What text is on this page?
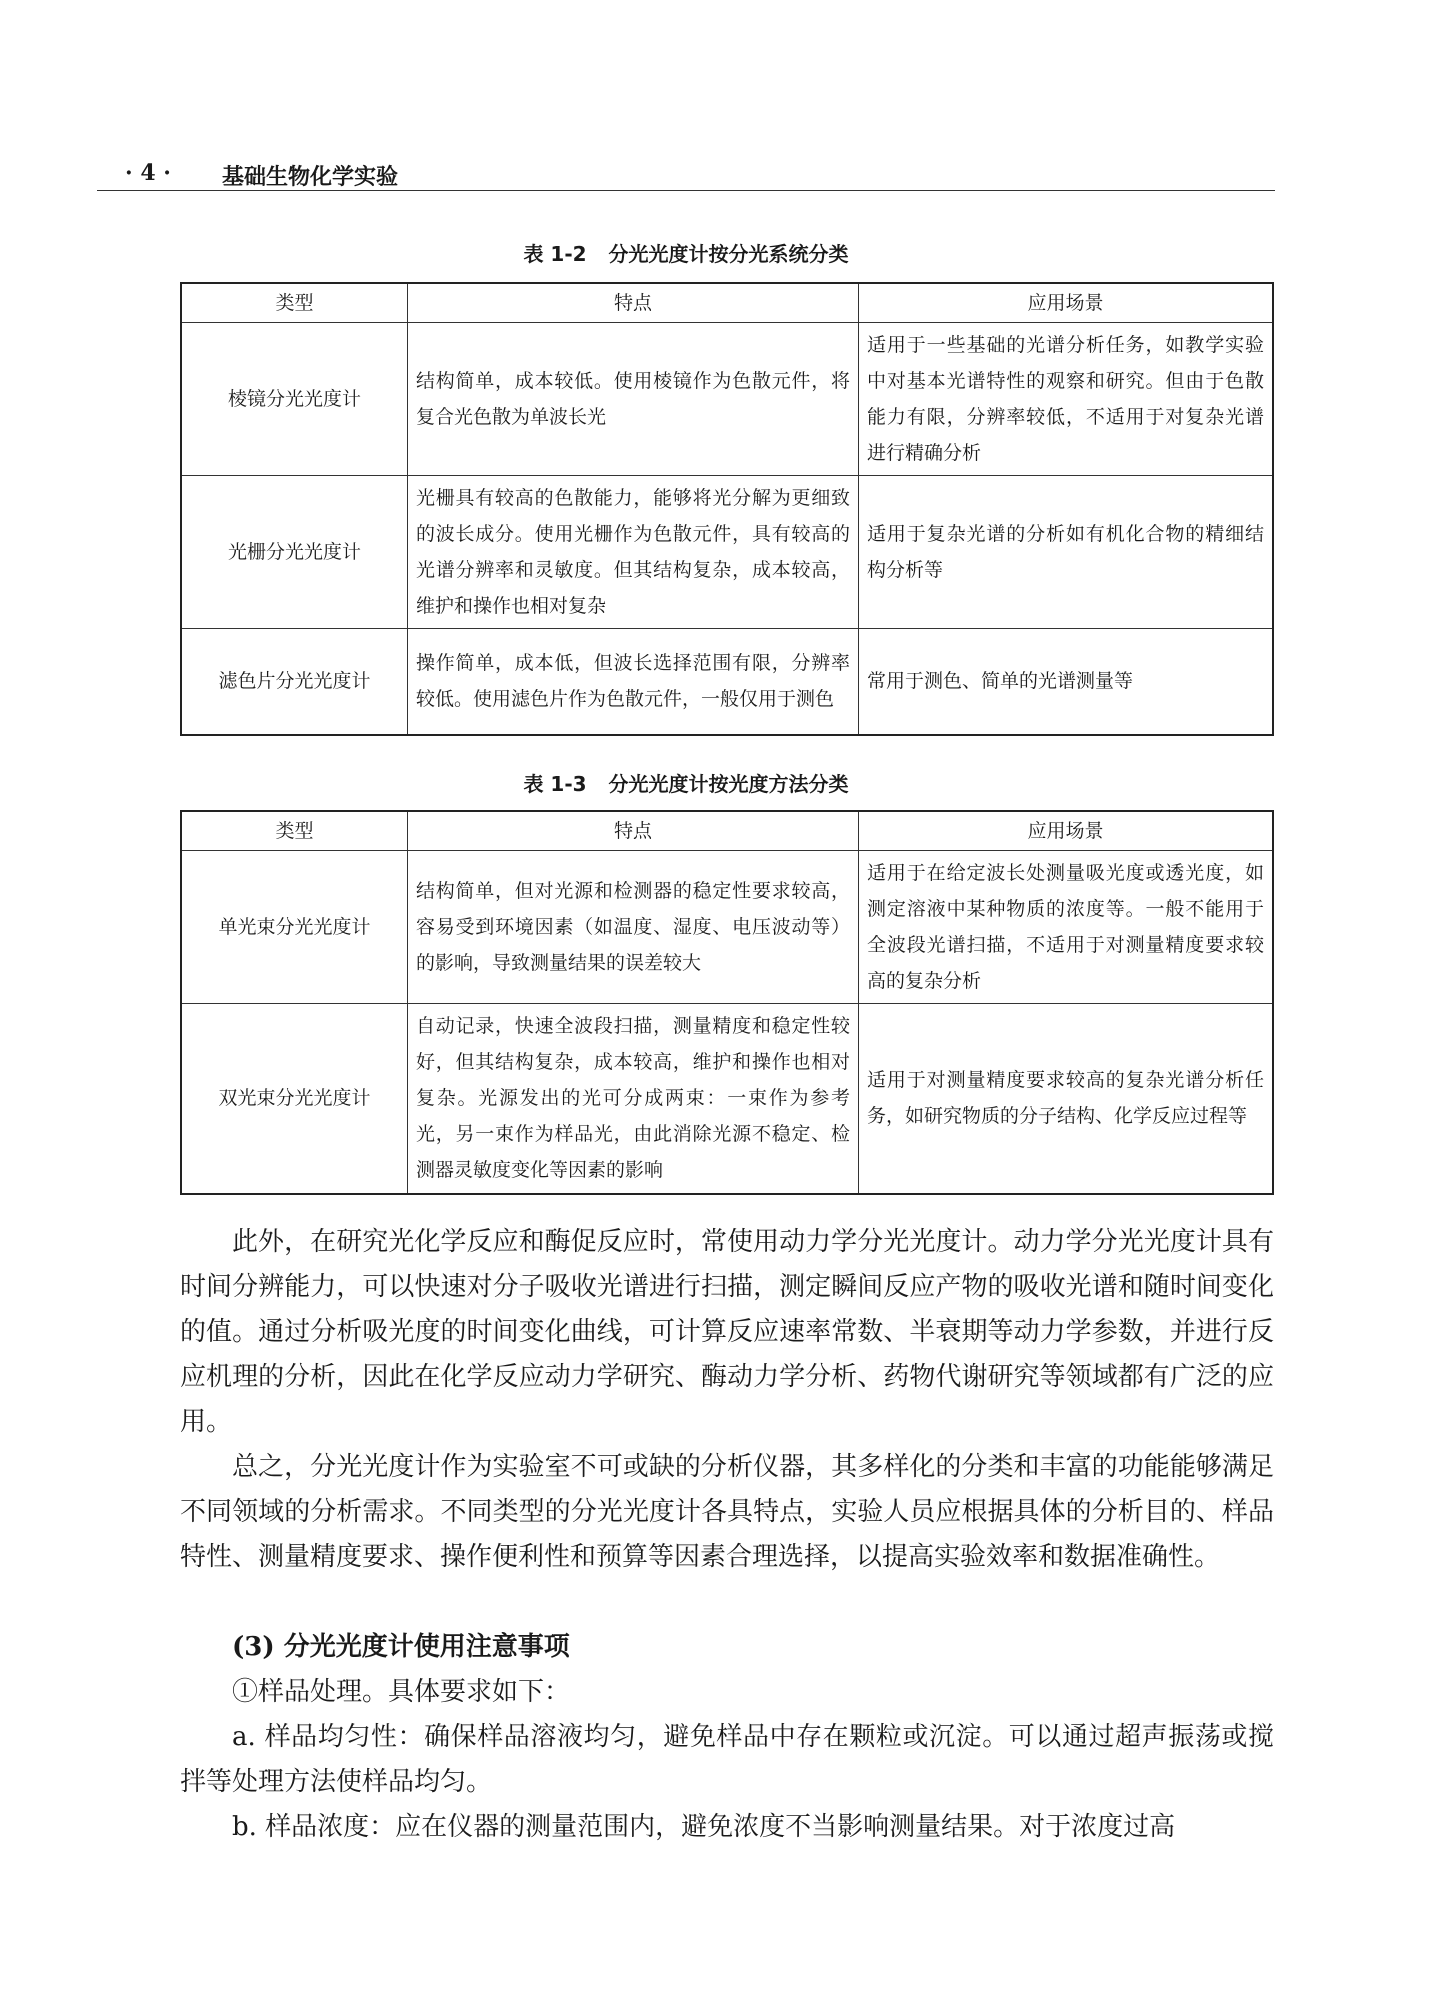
· 4 · 基础生物化学实验
表 1-2 分光光度计按分光系统分类
类型	特点	应用场景
棱镜分光光度计	结构简单，成本较低。使用棱镜作为色散元件，将复合光色散为单波长光	适用于一些基础的光谱分析任务，如教学实验中对基本光谱特性的观察和研究。但由于色散能力有限，分辨率较低，不适用于对复杂光谱进行精确分析
光栅分光光度计	光栅具有较高的色散能力，能够将光分解为更细致的波长成分。使用光栅作为色散元件，具有较高的光谱分辨率和灵敏度。但其结构复杂，成本较高，维护和操作也相对复杂	适用于复杂光谱的分析如有机化合物的精细结构分析等
滤色片分光光度计	操作简单，成本低，但波长选择范围有限，分辨率较低。使用滤色片作为色散元件，一般仅用于测色	常用于测色、简单的光谱测量等
表 1-3 分光光度计按光度方法分类
类型	特点	应用场景
单光束分光光度计	结构简单，但对光源和检测器的稳定性要求较高，容易受到环境因素（如温度、湿度、电压波动等）的影响，导致测量结果的误差较大	适用于在给定波长处测量吸光度或透光度，如测定溶液中某种物质的浓度等。一般不能用于全波段光谱扫描，不适用于对测量精度要求较高的复杂分析
双光束分光光度计	自动记录，快速全波段扫描，测量精度和稳定性较好，但其结构复杂，成本较高，维护和操作也相对复杂。光源发出的光可分成两束：一束作为参考光，另一束作为样品光，由此消除光源不稳定、检测器灵敏度变化等因素的影响	适用于对测量精度要求较高的复杂光谱分析任务，如研究物质的分子结构、化学反应过程等

此外，在研究光化学反应和酶促反应时，常使用动力学分光光度计。动力学分光光度计具有时间分辨能力，可以快速对分子吸收光谱进行扫描，测定瞬间反应产物的吸收光谱和随时间变化的值。通过分析吸光度的时间变化曲线，可计算反应速率常数、半衰期等动力学参数，并进行反应机理的分析，因此在化学反应动力学研究、酶动力学分析、药物代谢研究等领域都有广泛的应用。

总之，分光光度计作为实验室不可或缺的分析仪器，其多样化的分类和丰富的功能能够满足不同领域的分析需求。不同类型的分光光度计各具特点，实验人员应根据具体的分析目的、样品特性、测量精度要求、操作便利性和预算等因素合理选择，以提高实验效率和数据准确性。

(3) 分光光度计使用注意事项

①样品处理。具体要求如下：

a. 样品均匀性：确保样品溶液均匀，避免样品中存在颗粒或沉淀。可以通过超声振荡或搅拌等处理方法使样品均匀。

b. 样品浓度：应在仪器的测量范围内，避免浓度不当影响测量结果。对于浓度过高
